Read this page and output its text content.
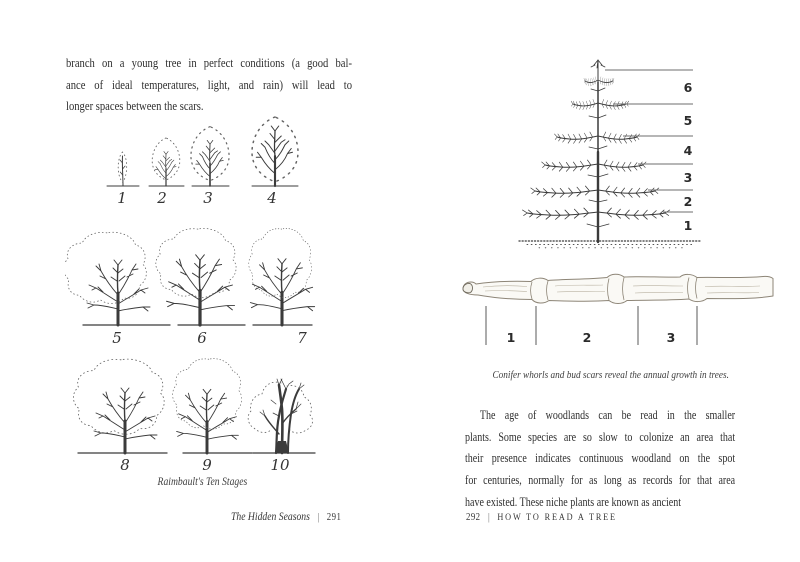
branch on a young tree in perfect conditions (a good bal-
ance of ideal temperatures, light, and rain) will lead to
longer spaces between the scars.
1 2 3	4
5	6	7
8	9	10
Raimbault's Ten Stages
The Hidden Seasons | 291
6
5
4
3
2
1
1	2	3
Conifer whorls and bud scars reveal the annual growth in trees.
The age of woodlands can be read in the smaller
plants. Some species are so slow to colonize an area that
their presence indicates continuous woodland on the spot
for centuries, normally for as long as records for that area
have existed. These niche plants are known as ancient
292 | HOW TO READ A TREE
